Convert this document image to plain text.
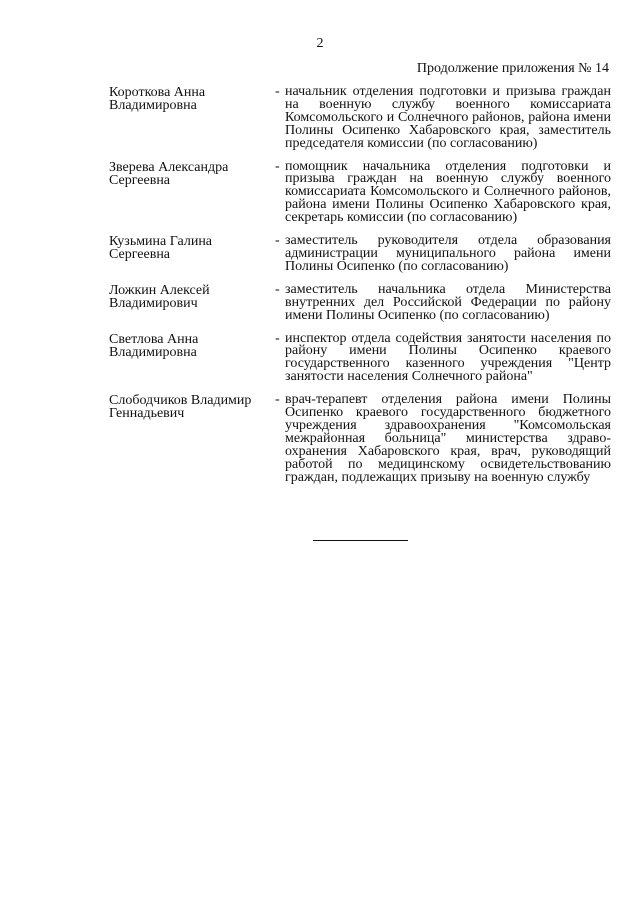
2
Продолжение приложения № 14
Короткова Анна
Владимировна
- начальник отделения подготовки и призыва граждан на военную службу военного комиссариата Комсомольского и Солнечного районов, района имени Полины Осипенко Хабаровского края, заместитель председателя комиссии (по согласованию)
Зверева Александра
Сергеевна
- помощник начальника отделения подготовки и призыва граждан на военную службу военного комиссариата Комсомольского и Солнечного районов, района имени Полины Осипенко Хабаровского края, секретарь комиссии (по согласованию)
Кузьмина Галина
Сергеевна
- заместитель руководителя отдела образования администрации муниципального района имени Полины Осипенко (по согласованию)
Ложкин Алексей
Владимирович
- заместитель начальника отдела Министерства внутренних дел Российской Федерации по району имени Полины Осипенко (по согласованию)
Светлова Анна
Владимировна
- инспектор отдела содействия занятости населения по району имени Полины Осипенко краевого государственного казенного учреждения "Центр занятости населения Солнечного района"
Слободчиков Владимир
Геннадьевич
- врач-терапевт отделения района имени Полины Осипенко краевого государственного бюджетного учреждения здравоохранения "Комсомольская межрайонная больница" министерства здравоохранения Хабаровского края, врач, руководящий работой по медицинскому освидетельствованию граждан, подлежащих призыву на военную службу
